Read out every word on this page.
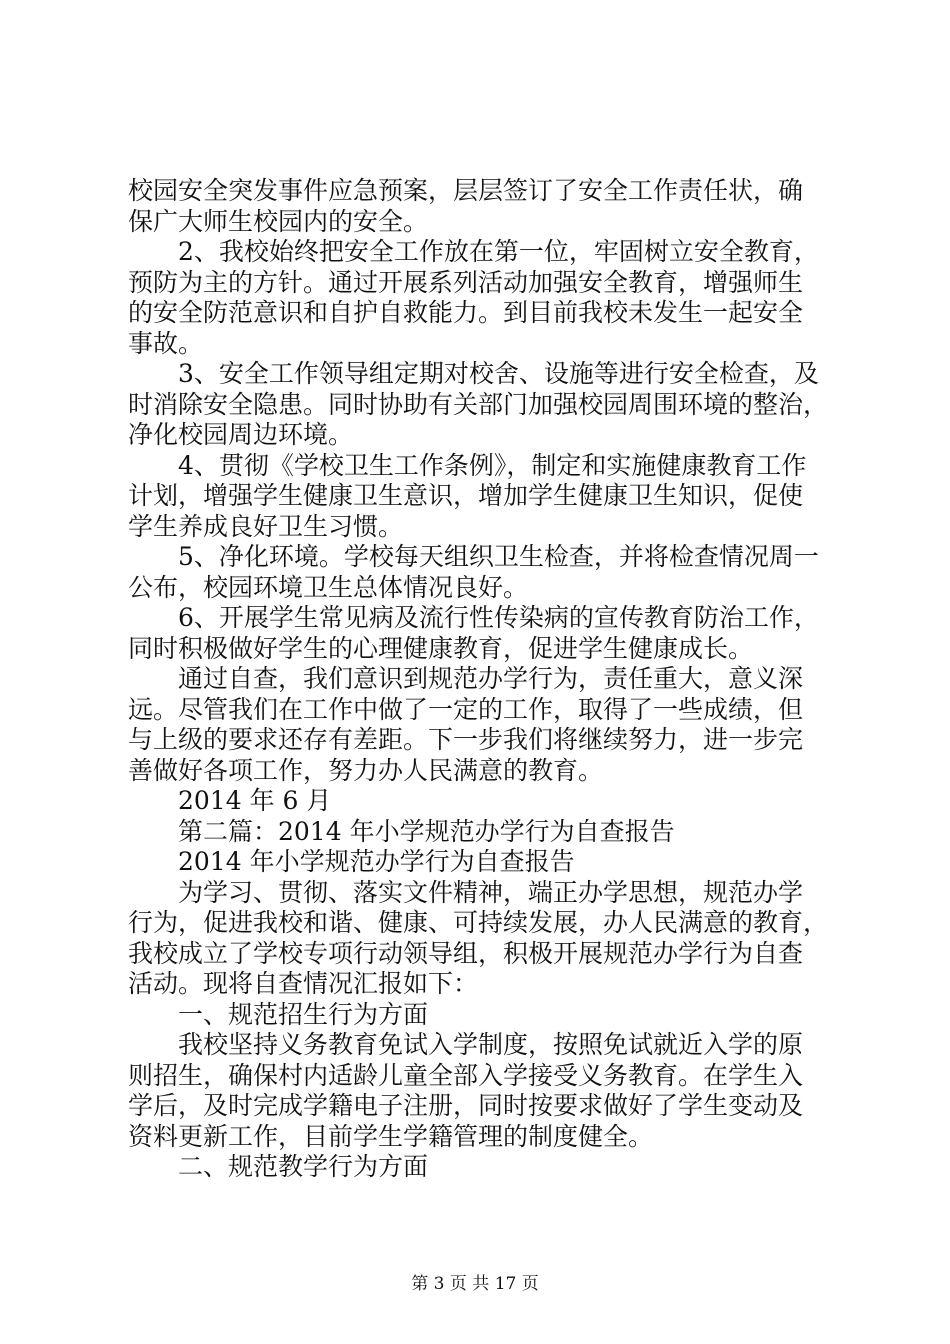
校园安全突发事件应急预案，层层签订了安全工作责任状，确
保广大师生校园内的安全。
2、我校始终把安全工作放在第一位，牢固树立安全教育，
预防为主的方针。通过开展系列活动加强安全教育，增强师生
的安全防范意识和自护自救能力。到目前我校未发生一起安全
事故。
3、安全工作领导组定期对校舍、设施等进行安全检查，及
时消除安全隐患。同时协助有关部门加强校园周围环境的整治，
净化校园周边环境。
4、贯彻《学校卫生工作条例》，制定和实施健康教育工作
计划，增强学生健康卫生意识，增加学生健康卫生知识，促使
学生养成良好卫生习惯。
5、净化环境。学校每天组织卫生检查，并将检查情况周一
公布，校园环境卫生总体情况良好。
6、开展学生常见病及流行性传染病的宣传教育防治工作，
同时积极做好学生的心理健康教育，促进学生健康成长。
通过自查，我们意识到规范办学行为，责任重大，意义深
远。尽管我们在工作中做了一定的工作，取得了一些成绩，但
与上级的要求还存有差距。下一步我们将继续努力，进一步完
善做好各项工作，努力办人民满意的教育。
2014 年 6 月
第二篇：2014 年小学规范办学行为自查报告
2014 年小学规范办学行为自查报告
为学习、贯彻、落实文件精神，端正办学思想，规范办学
行为，促进我校和谐、健康、可持续发展，办人民满意的教育，
我校成立了学校专项行动领导组，积极开展规范办学行为自查
活动。现将自查情况汇报如下：
一、规范招生行为方面
我校坚持义务教育免试入学制度，按照免试就近入学的原
则招生，确保村内适龄儿童全部入学接受义务教育。在学生入
学后，及时完成学籍电子注册，同时按要求做好了学生变动及
资料更新工作，目前学生学籍管理的制度健全。
二、规范教学行为方面
第 3 页 共 17 页
